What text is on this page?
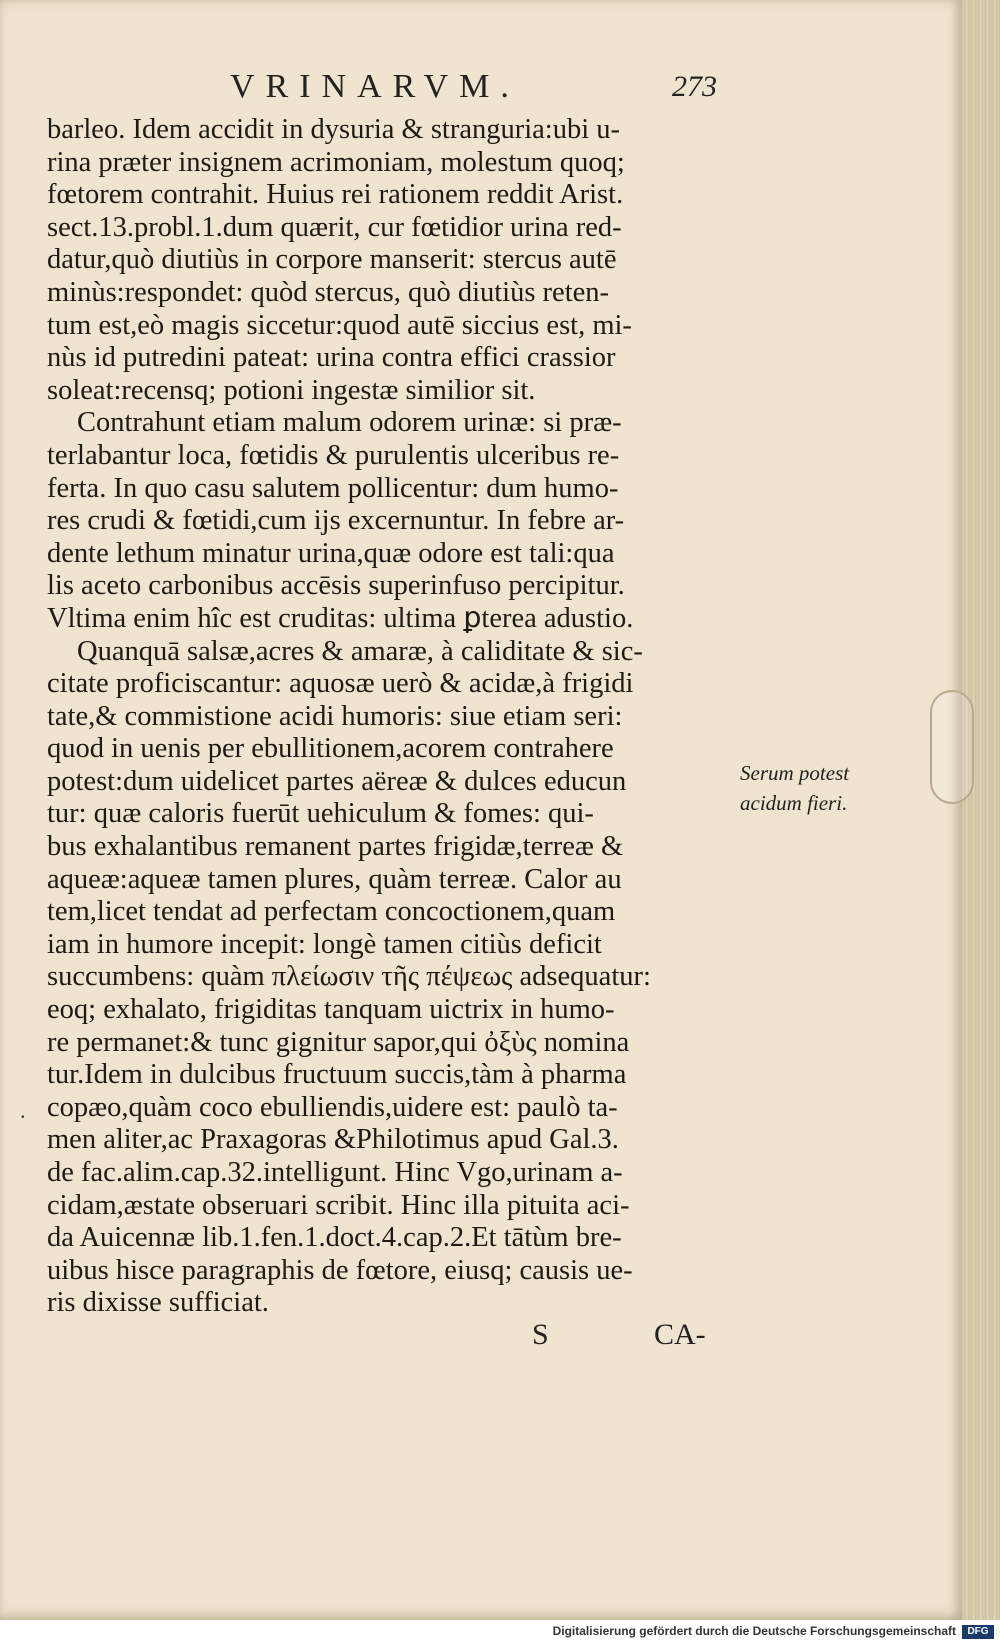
VRINARVM.	273
barleo. Idem accidit in dysuria & stranguria:ubi u-
rina præter insignem acrimoniam, molestum quoq;
fœtorem contrahit. Huius rei rationem reddit Arist.
sect.13.probl.1.dum quærit, cur fœtidior urina red-
datur,quò diutiùs in corpore manserit: stercus autē
minùs:respondet: quòd stercus, quò diutiùs reten-
tum est,eò magis siccetur:quod autē siccius est, mi-
nùs id putredini pateat: urina contra effici crassior
soleat:recensq; potioni ingestæ similior sit.
Contrahunt etiam malum odorem urinæ: si præ-
terlabantur loca, fœtidis & purulentis ulceribus re-
ferta. In quo casu salutem pollicentur: dum humo-
res crudi & fœtidi,cum ijs excernuntur. In febre ar-
dente lethum minatur urina,quæ odore est tali:qua
lis aceto carbonibus accēsis superinfuso percipitur.
Vltima enim hîc est cruditas: ultima ꝑterea adustio.
Quanquā salsæ,acres & amaræ, à caliditate & sic-
citate proficiscantur: aquosæ uerò & acidæ,à frigidi
tate,& commistione acidi humoris: siue etiam seri:
quod in uenis per ebullitionem,acorem contrahere
potest:dum uidelicet partes aëreæ & dulces educun
tur: quæ caloris fuerūt uehiculum & fomes: qui-
bus exhalantibus remanent partes frigidæ,terreæ &
aqueæ:aqueæ tamen plures, quàm terreæ. Calor au
tem,licet tendat ad perfectam concoctionem,quam
iam in humore incepit: longè tamen citiùs deficit
succumbens: quàm πλείωσιν τῆς πέψεως adsequatur:
eoq; exhalato, frigiditas tanquam uictrix in humo-
re permanet:& tunc gignitur sapor,qui ὀξὺς nomina
tur.Idem in dulcibus fructuum succis,tàm à pharma
copæo,quàm coco ebulliendis,uidere est: paulò ta-
men aliter,ac Praxagoras &Philotimus apud Gal.3.
de fac.alim.cap.32.intelligunt. Hinc Vgo,urinam a-
cidam,æstate obseruari scribit. Hinc illa pituita aci-
da Auicennæ lib.1.fen.1.doct.4.cap.2.Et tātùm bre-
uibus hisce paragraphis de fœtore, eiusq; causis ue-
ris dixisse sufficiat.
Serum potest
acidum fieri.
.
S	CA-
Digitalisierung gefördert durch die Deutsche Forschungsgemeinschaft	DFG
